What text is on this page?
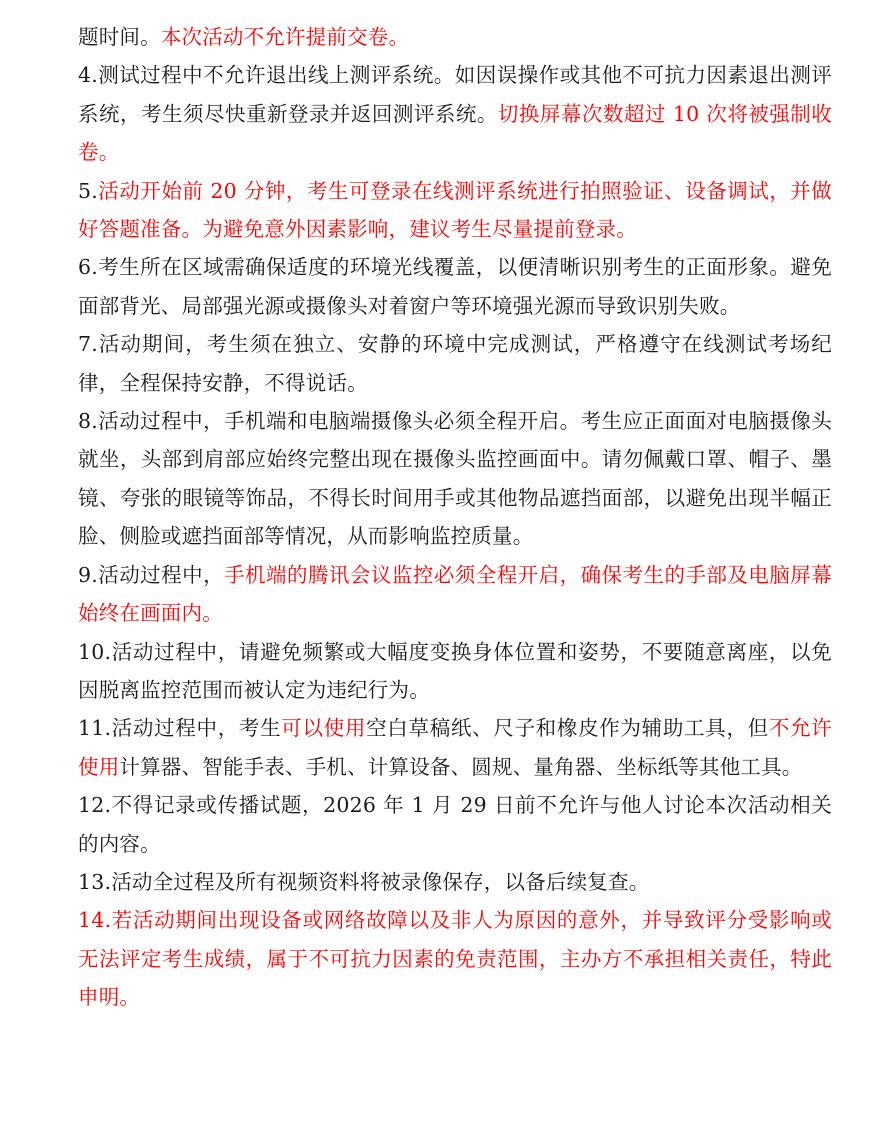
题时间。本次活动不允许提前交卷。

4.测试过程中不允许退出线上测评系统。如因误操作或其他不可抗力因素退出测评系统，考生须尽快重新登录并返回测评系统。切换屏幕次数超过 10 次将被强制收卷。

5.活动开始前 20 分钟，考生可登录在线测评系统进行拍照验证、设备调试，并做好答题准备。为避免意外因素影响，建议考生尽量提前登录。

6.考生所在区域需确保适度的环境光线覆盖，以便清晰识别考生的正面形象。避免面部背光、局部强光源或摄像头对着窗户等环境强光源而导致识别失败。

7.活动期间，考生须在独立、安静的环境中完成测试，严格遵守在线测试考场纪律，全程保持安静，不得说话。

8.活动过程中，手机端和电脑端摄像头必须全程开启。考生应正面面对电脑摄像头就坐，头部到肩部应始终完整出现在摄像头监控画面中。请勿佩戴口罩、帽子、墨镜、夸张的眼镜等饰品，不得长时间用手或其他物品遮挡面部，以避免出现半幅正脸、侧脸或遮挡面部等情况，从而影响监控质量。

9.活动过程中，手机端的腾讯会议监控必须全程开启，确保考生的手部及电脑屏幕始终在画面内。

10.活动过程中，请避免频繁或大幅度变换身体位置和姿势，不要随意离座，以免因脱离监控范围而被认定为违纪行为。

11.活动过程中，考生可以使用空白草稿纸、尺子和橡皮作为辅助工具，但不允许使用计算器、智能手表、手机、计算设备、圆规、量角器、坐标纸等其他工具。

12.不得记录或传播试题，2026 年 1 月 29 日前不允许与他人讨论本次活动相关的内容。

13.活动全过程及所有视频资料将被录像保存，以备后续复查。

14.若活动期间出现设备或网络故障以及非人为原因的意外，并导致评分受影响或无法评定考生成绩，属于不可抗力因素的免责范围，主办方不承担相关责任，特此申明。
